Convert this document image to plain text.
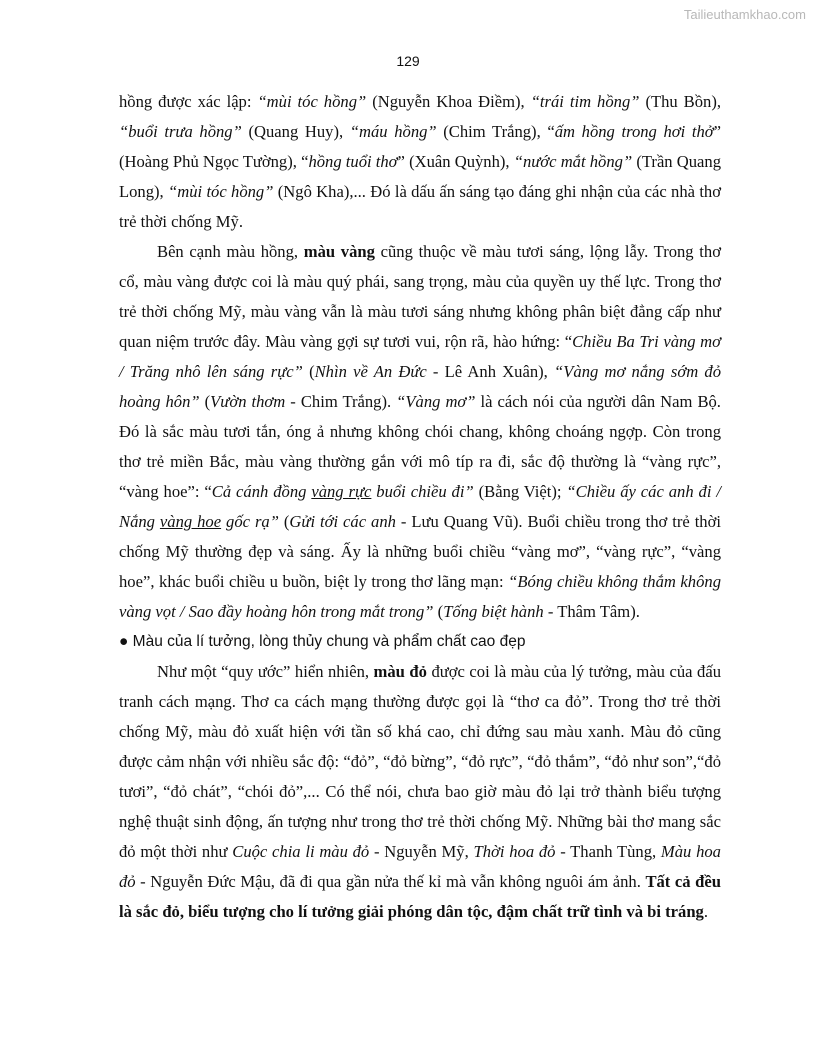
Tailieuthamkhao.com
129

hồng được xác lập: “mùi tóc hồng” (Nguyễn Khoa Điềm), “trái tim hồng” (Thu Bồn), “buổi trưa hồng” (Quang Huy), “máu hồng” (Chim Trắng), “ấm hồng trong hơi thở” (Hoàng Phủ Ngọc Tường), “hồng tuổi thơ” (Xuân Quỳnh), “nước mắt hồng” (Trần Quang Long), “mùi tóc hồng” (Ngô Kha),... Đó là dấu ấn sáng tạo đáng ghi nhận của các nhà thơ trẻ thời chống Mỹ.

Bên cạnh màu hồng, màu vàng cũng thuộc về màu tươi sáng, lộng lẫy. Trong thơ cổ, màu vàng được coi là màu quý phái, sang trọng, màu của quyền uy thế lực. Trong thơ trẻ thời chống Mỹ, màu vàng vẫn là màu tươi sáng nhưng không phân biệt đẳng cấp như quan niệm trước đây. Màu vàng gợi sự tươi vui, rộn rã, hào hứng: “Chiều Ba Tri vàng mơ / Trăng nhô lên sáng rực” (Nhìn về An Đức - Lê Anh Xuân), “Vàng mơ nắng sớm đỏ hoàng hôn” (Vườn thơm - Chim Trắng). “Vàng mơ” là cách nói của người dân Nam Bộ. Đó là sắc màu tươi tắn, óng ả nhưng không chói chang, không choáng ngợp. Còn trong thơ trẻ miền Bắc, màu vàng thường gắn với mô típ ra đi, sắc độ thường là “vàng rực”, “vàng hoe”: “Cả cánh đồng vàng rực buổi chiều đi” (Bằng Việt); “Chiều ấy các anh đi / Nắng vàng hoe gốc rạ” (Gửi tới các anh - Lưu Quang Vũ). Buổi chiều trong thơ trẻ thời chống Mỹ thường đẹp và sáng. Ấy là những buổi chiều “vàng mơ”, “vàng rực”, “vàng hoe”, khác buổi chiều u buồn, biệt ly trong thơ lãng mạn: “Bóng chiều không thắm không vàng vọt / Sao đầy hoàng hôn trong mắt trong” (Tống biệt hành - Thâm Tâm).

● Màu của lí tưởng, lòng thủy chung và phẩm chất cao đẹp

Như một “quy ước” hiển nhiên, màu đỏ được coi là màu của lý tưởng, màu của đấu tranh cách mạng. Thơ ca cách mạng thường được gọi là “thơ ca đỏ”. Trong thơ trẻ thời chống Mỹ, màu đỏ xuất hiện với tần số khá cao, chỉ đứng sau màu xanh. Màu đỏ cũng được cảm nhận với nhiều sắc độ: “đỏ”, “đỏ bừng”, “đỏ rực”, “đỏ thắm”, “đỏ như son”,“đỏ tươi”, “đỏ chát”, “chói đỏ”,... Có thể nói, chưa bao giờ màu đỏ lại trở thành biểu tượng nghệ thuật sinh động, ấn tượng như trong thơ trẻ thời chống Mỹ. Những bài thơ mang sắc đỏ một thời như Cuộc chia li màu đỏ - Nguyễn Mỹ, Thời hoa đỏ - Thanh Tùng, Màu hoa đỏ - Nguyễn Đức Mậu, đã đi qua gần nửa thế kỉ mà vẫn không nguôi ám ảnh. Tất cả đều là sắc đỏ, biểu tượng cho lí tưởng giải phóng dân tộc, đậm chất trữ tình và bi tráng.
